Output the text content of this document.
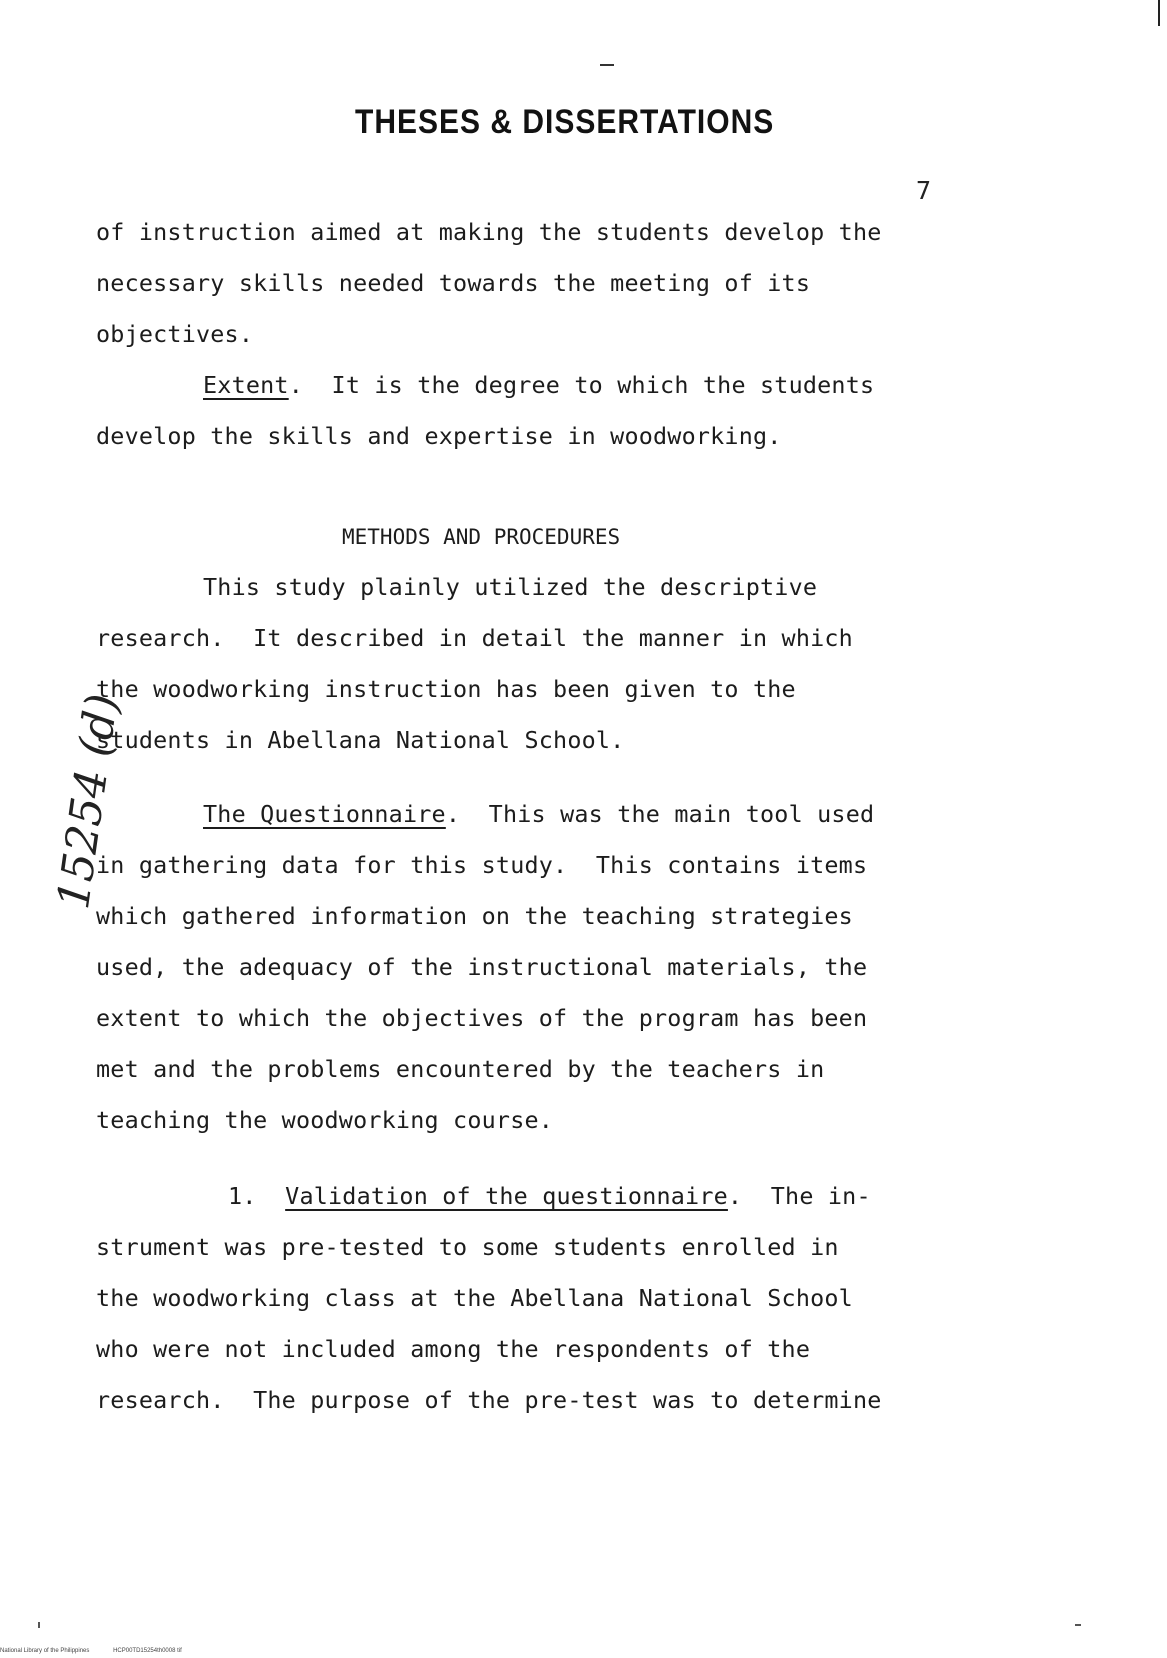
THESES & DISSERTATIONS
7
of instruction aimed at making the students develop the
necessary skills needed towards the meeting of its
objectives.
Extent.  It is the degree to which the students
develop the skills and expertise in woodworking.
METHODS AND PROCEDURES
This study plainly utilized the descriptive
research.  It described in detail the manner in which
the woodworking instruction has been given to the
students in Abellana National School.
The Questionnaire.  This was the main tool used
in gathering data for this study.  This contains items
which gathered information on the teaching strategies
used, the adequacy of the instructional materials, the
extent to which the objectives of the program has been
met and the problems encountered by the teachers in
teaching the woodworking course.
1. Validation of the questionnaire.  The in-
strument was pre-tested to some students enrolled in
the woodworking class at the Abellana National School
who were not included among the respondents of the
research.  The purpose of the pre-test was to determine
15254 (d)
National Library of the Philippines	HCP00TD15254th0008 tif
